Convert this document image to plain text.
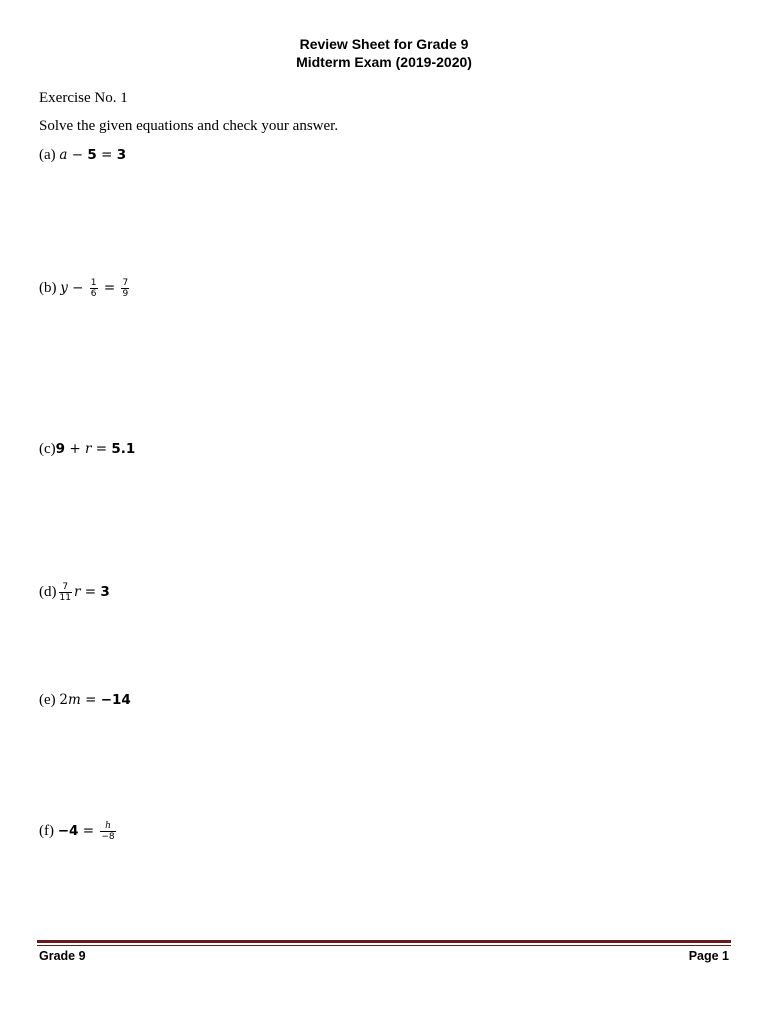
Review Sheet for Grade 9
Midterm Exam (2019-2020)
Exercise No. 1
Solve the given equations and check your answer.
(a) a − 5 = 3
(b) $y - \frac{1}{6} = \frac{7}{9}$
(c)9 + r = 5.1
$(d) \frac{7}{11}$ r = 3
(e) 2m = −14
$(f) -4 = \frac{h}{-8}$
Grade 9	Page 1
